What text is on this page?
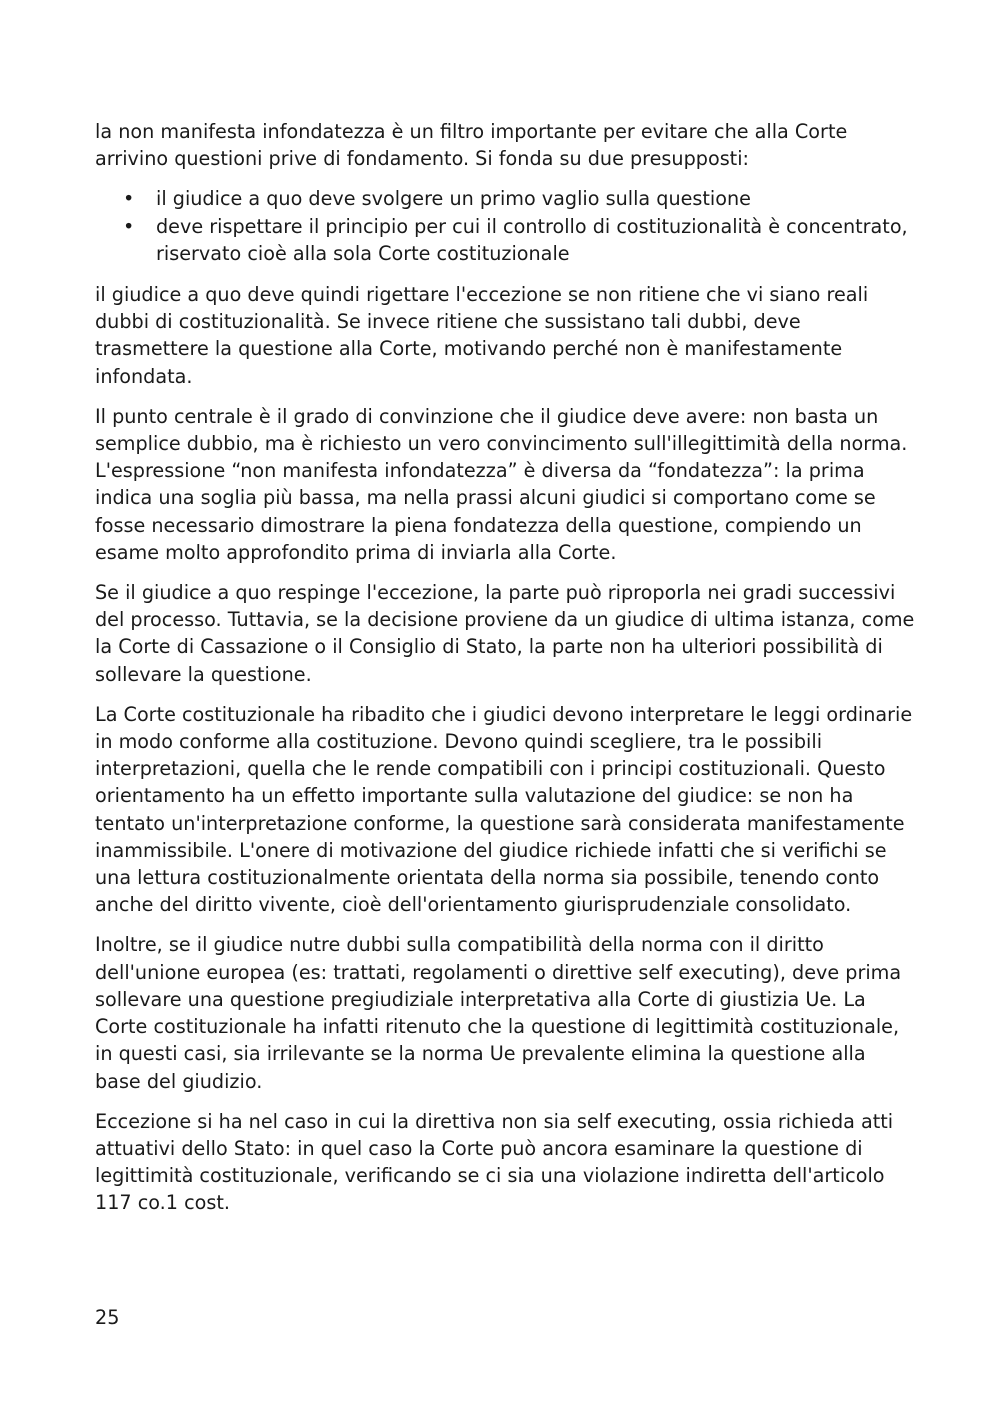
la non manifesta infondatezza è un filtro importante per evitare che alla Corte arrivino questioni prive di fondamento. Si fonda su due presupposti:

• il giudice a quo deve svolgere un primo vaglio sulla questione
• deve rispettare il principio per cui il controllo di costituzionalità è concentrato, riservato cioè alla sola Corte costituzionale

il giudice a quo deve quindi rigettare l'eccezione se non ritiene che vi siano reali dubbi di costituzionalità. Se invece ritiene che sussistano tali dubbi, deve trasmettere la questione alla Corte, motivando perché non è manifestamente infondata.

Il punto centrale è il grado di convinzione che il giudice deve avere: non basta un semplice dubbio, ma è richiesto un vero convincimento sull'illegittimità della norma. L'espressione “non manifesta infondatezza” è diversa da “fondatezza”: la prima indica una soglia più bassa, ma nella prassi alcuni giudici si comportano come se fosse necessario dimostrare la piena fondatezza della questione, compiendo un esame molto approfondito prima di inviarla alla Corte.

Se il giudice a quo respinge l'eccezione, la parte può riproporla nei gradi successivi del processo. Tuttavia, se la decisione proviene da un giudice di ultima istanza, come la Corte di Cassazione o il Consiglio di Stato, la parte non ha ulteriori possibilità di sollevare la questione.

La Corte costituzionale ha ribadito che i giudici devono interpretare le leggi ordinarie in modo conforme alla costituzione. Devono quindi scegliere, tra le possibili interpretazioni, quella che le rende compatibili con i principi costituzionali. Questo orientamento ha un effetto importante sulla valutazione del giudice: se non ha tentato un'interpretazione conforme, la questione sarà considerata manifestamente inammissibile. L'onere di motivazione del giudice richiede infatti che si verifichi se una lettura costituzionalmente orientata della norma sia possibile, tenendo conto anche del diritto vivente, cioè dell'orientamento giurisprudenziale consolidato.

Inoltre, se il giudice nutre dubbi sulla compatibilità della norma con il diritto dell'unione europea (es: trattati, regolamenti o direttive self executing), deve prima sollevare una questione pregiudiziale interpretativa alla Corte di giustizia Ue. La Corte costituzionale ha infatti ritenuto che la questione di legittimità costituzionale, in questi casi, sia irrilevante se la norma Ue prevalente elimina la questione alla base del giudizio.

Eccezione si ha nel caso in cui la direttiva non sia self executing, ossia richieda atti attuativi dello Stato: in quel caso la Corte può ancora esaminare la questione di legittimità costituzionale, verificando se ci sia una violazione indiretta dell'articolo 117 co.1 cost.

25
